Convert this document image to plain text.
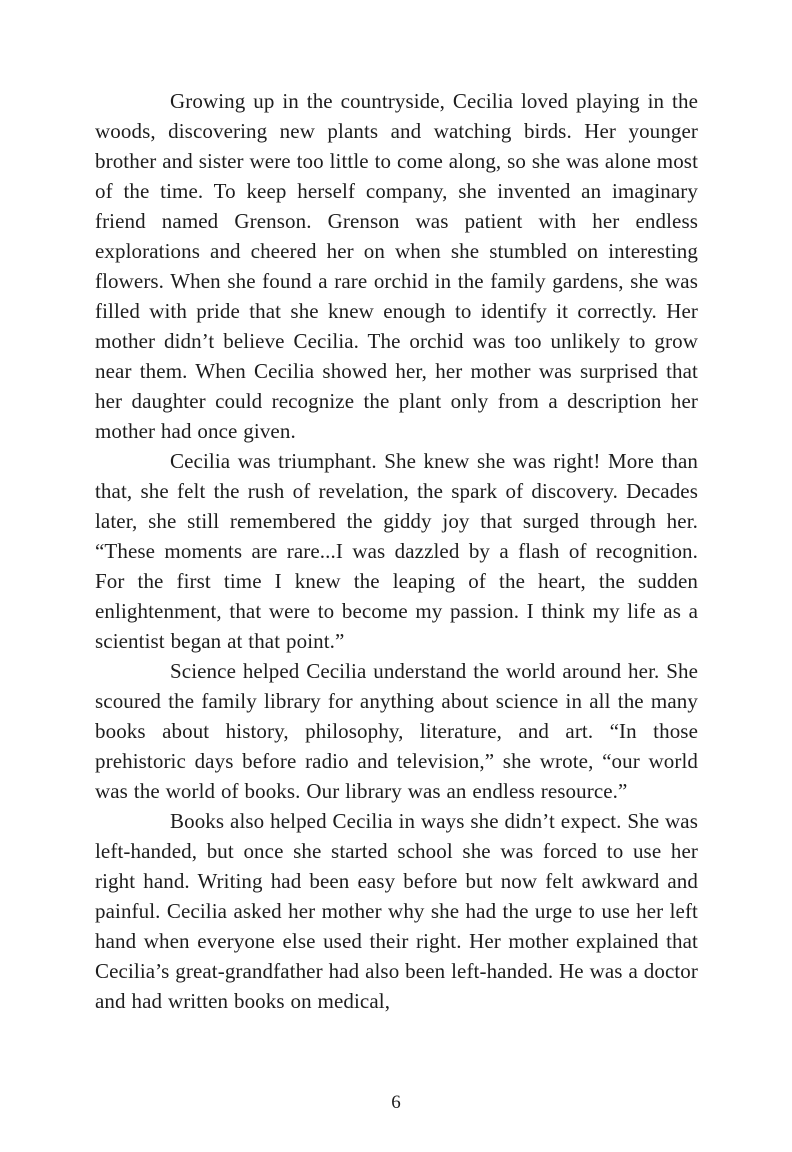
Growing up in the countryside, Cecilia loved playing in the woods, discovering new plants and watching birds. Her younger brother and sister were too little to come along, so she was alone most of the time. To keep herself company, she invented an imaginary friend named Grenson. Grenson was patient with her endless explorations and cheered her on when she stumbled on interesting flowers. When she found a rare orchid in the family gardens, she was filled with pride that she knew enough to identify it correctly. Her mother didn’t believe Cecilia. The orchid was too unlikely to grow near them. When Cecilia showed her, her mother was surprised that her daughter could recognize the plant only from a description her mother had once given.

Cecilia was triumphant. She knew she was right! More than that, she felt the rush of revelation, the spark of discovery. Decades later, she still remembered the giddy joy that surged through her. “These moments are rare...I was dazzled by a flash of recognition. For the first time I knew the leaping of the heart, the sudden enlightenment, that were to become my passion. I think my life as a scientist began at that point.”

Science helped Cecilia understand the world around her. She scoured the family library for anything about science in all the many books about history, philosophy, literature, and art. “In those prehistoric days before radio and television,” she wrote, “our world was the world of books. Our library was an endless resource.”

Books also helped Cecilia in ways she didn’t expect. She was left-handed, but once she started school she was forced to use her right hand. Writing had been easy before but now felt awkward and painful. Cecilia asked her mother why she had the urge to use her left hand when everyone else used their right. Her mother explained that Cecilia’s great-grandfather had also been left-handed. He was a doctor and had written books on medical,

6
